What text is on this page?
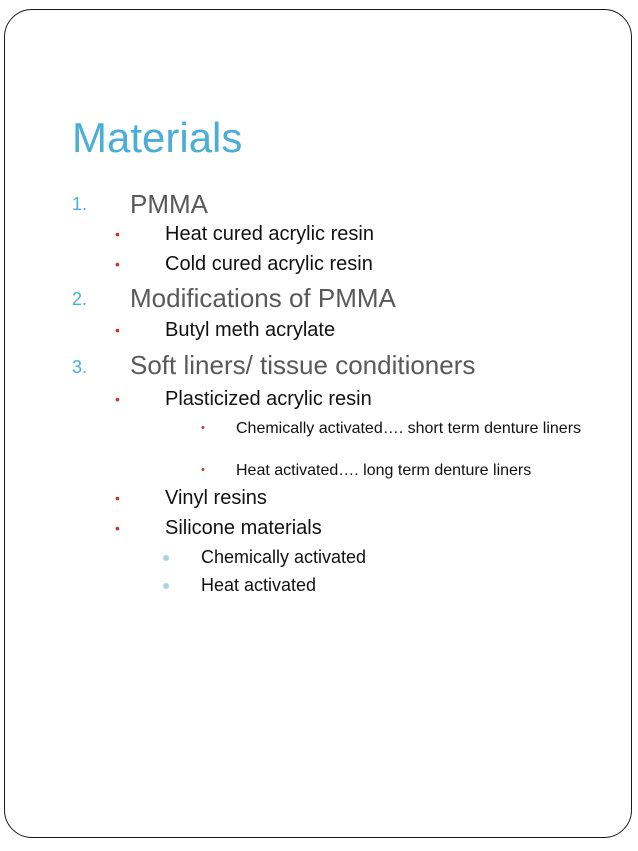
Materials
1. PMMA
• Heat cured acrylic resin
• Cold cured acrylic resin
2. Modifications of PMMA
• Butyl meth acrylate
3. Soft liners/ tissue conditioners
• Plasticized acrylic resin
• Chemically activated…. short term denture liners
• Heat activated…. long term denture liners
• Vinyl resins
• Silicone materials
● Chemically activated
● Heat activated
